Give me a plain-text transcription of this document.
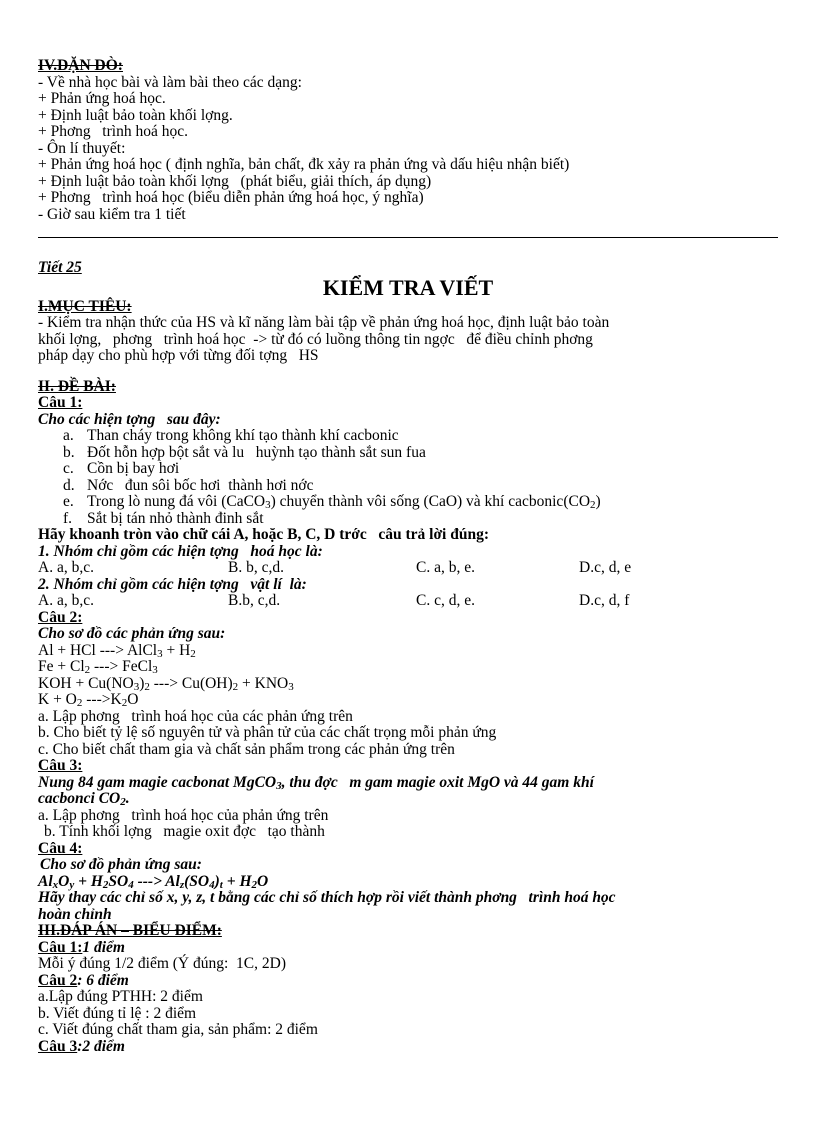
IV.DẶN DÒ:
- Về nhà học bài và làm bài theo các dạng:
+ Phản ứng hoá học.
+ Định luật bảo toàn khối lợng.
+ Phơng   trình hoá học.
- Ôn lí thuyết:
+ Phản ứng hoá học ( định nghĩa, bản chất, đk xảy ra phản ứng và dấu hiệu nhận biết)
+ Định luật bảo toàn khối lợng   (phát biểu, giải thích, áp dụng)
+ Phơng   trình hoá học (biểu diễn phản ứng hoá học, ý nghĩa)
- Giờ sau kiểm tra 1 tiết
Tiết 25
KIỂM TRA VIẾT
I.MỤC TIÊU:
- Kiểm tra nhận thức của HS và kĩ năng làm bài tập về phản ứng hoá học, định luật bảo toàn
khối lợng,   phơng   trình hoá học  -> từ đó có luồng thông tin ngợc   để điều chỉnh phơng
pháp dạy cho phù hợp với từng đối tợng   HS
II. ĐỀ BÀI:
Câu 1:
Cho các hiện tợng   sau đây:
a. Than cháy trong không khí tạo thành khí cacbonic
b. Đốt hỗn hợp bột sắt và lu   huỳnh tạo thành sắt sun fua
c. Cồn bị bay hơi
d. Nớc   đun sôi bốc hơi  thành hơi nớc
e. Trong lò nung đá vôi (CaCO$_3$) chuyển thành vôi sống (CaO) và khí $cacbonic(CO_2)$
f. Sắt bị tán nhỏ thành đinh sắt
Hãy khoanh tròn vào chữ cái A, hoặc B, C, D trớc   câu trả lời đúng:
1. Nhóm chỉ gồm các hiện tợng   hoá học là:
A. a, b,c.	B. b, c,d.	C. a, b, e.	D.c, d, e
2. Nhóm chỉ gồm các hiện tợng   vật lí  là:
A. a, b,c.	B.b, c,d.	C. c, d, e.	D.c, d, f
Câu 2:
Cho sơ đồ các phản ứng sau:
Al + HCl ---> AlCl$_3$ + $H_2$
$Fe + Cl_2$ ---> FeCl$_3$
KOH + $Cu(NO_3)_2$ ---> $Cu(OH)_2 + KNO_3$
$K + O_2$ $--->K_2O$
a. Lập phơng   trình hoá học của các phản ứng trên
b. Cho biết tỷ lệ số nguyên tử và phân tử của các chất trọng mỗi phản ứng
c. Cho biết chất tham gia và chất sản phẩm trong các phản ứng trên
Câu 3:
Nung 84 gam magie cacbonat MgCO$_3$, thu đợc   m gam magie oxit MgO và 44 gam khí
cacbonci $CO_2$.
a. Lập phơng   trình hoá học của phản ứng trên
b. Tính khối lợng   magie oxit đợc   tạo thành
Câu 4:
Cho sơ đồ phản ứng sau:
$Al_xO_y + H_2SO_4$ ---> $Al_z(SO_4)_t + H_2O$
Hãy thay các chỉ số x, y, z, t bằng các chỉ số thích hợp rồi viết thành phơng   trình hoá học
hoàn chỉnh
III.ĐÁP ÁN – BIỂU ĐIỂM:
Câu 1:1 điểm
Mỗi ý đúng 1/2 điểm (Ý đúng:  1C, 2D)
Câu 2: 6 điểm
a.Lập đúng PTHH: 2 điểm
b. Viết đúng tỉ lệ : 2 điểm
c. Viết đúng chất tham gia, sản phẩm: 2 điểm
Câu 3:2 điểm
